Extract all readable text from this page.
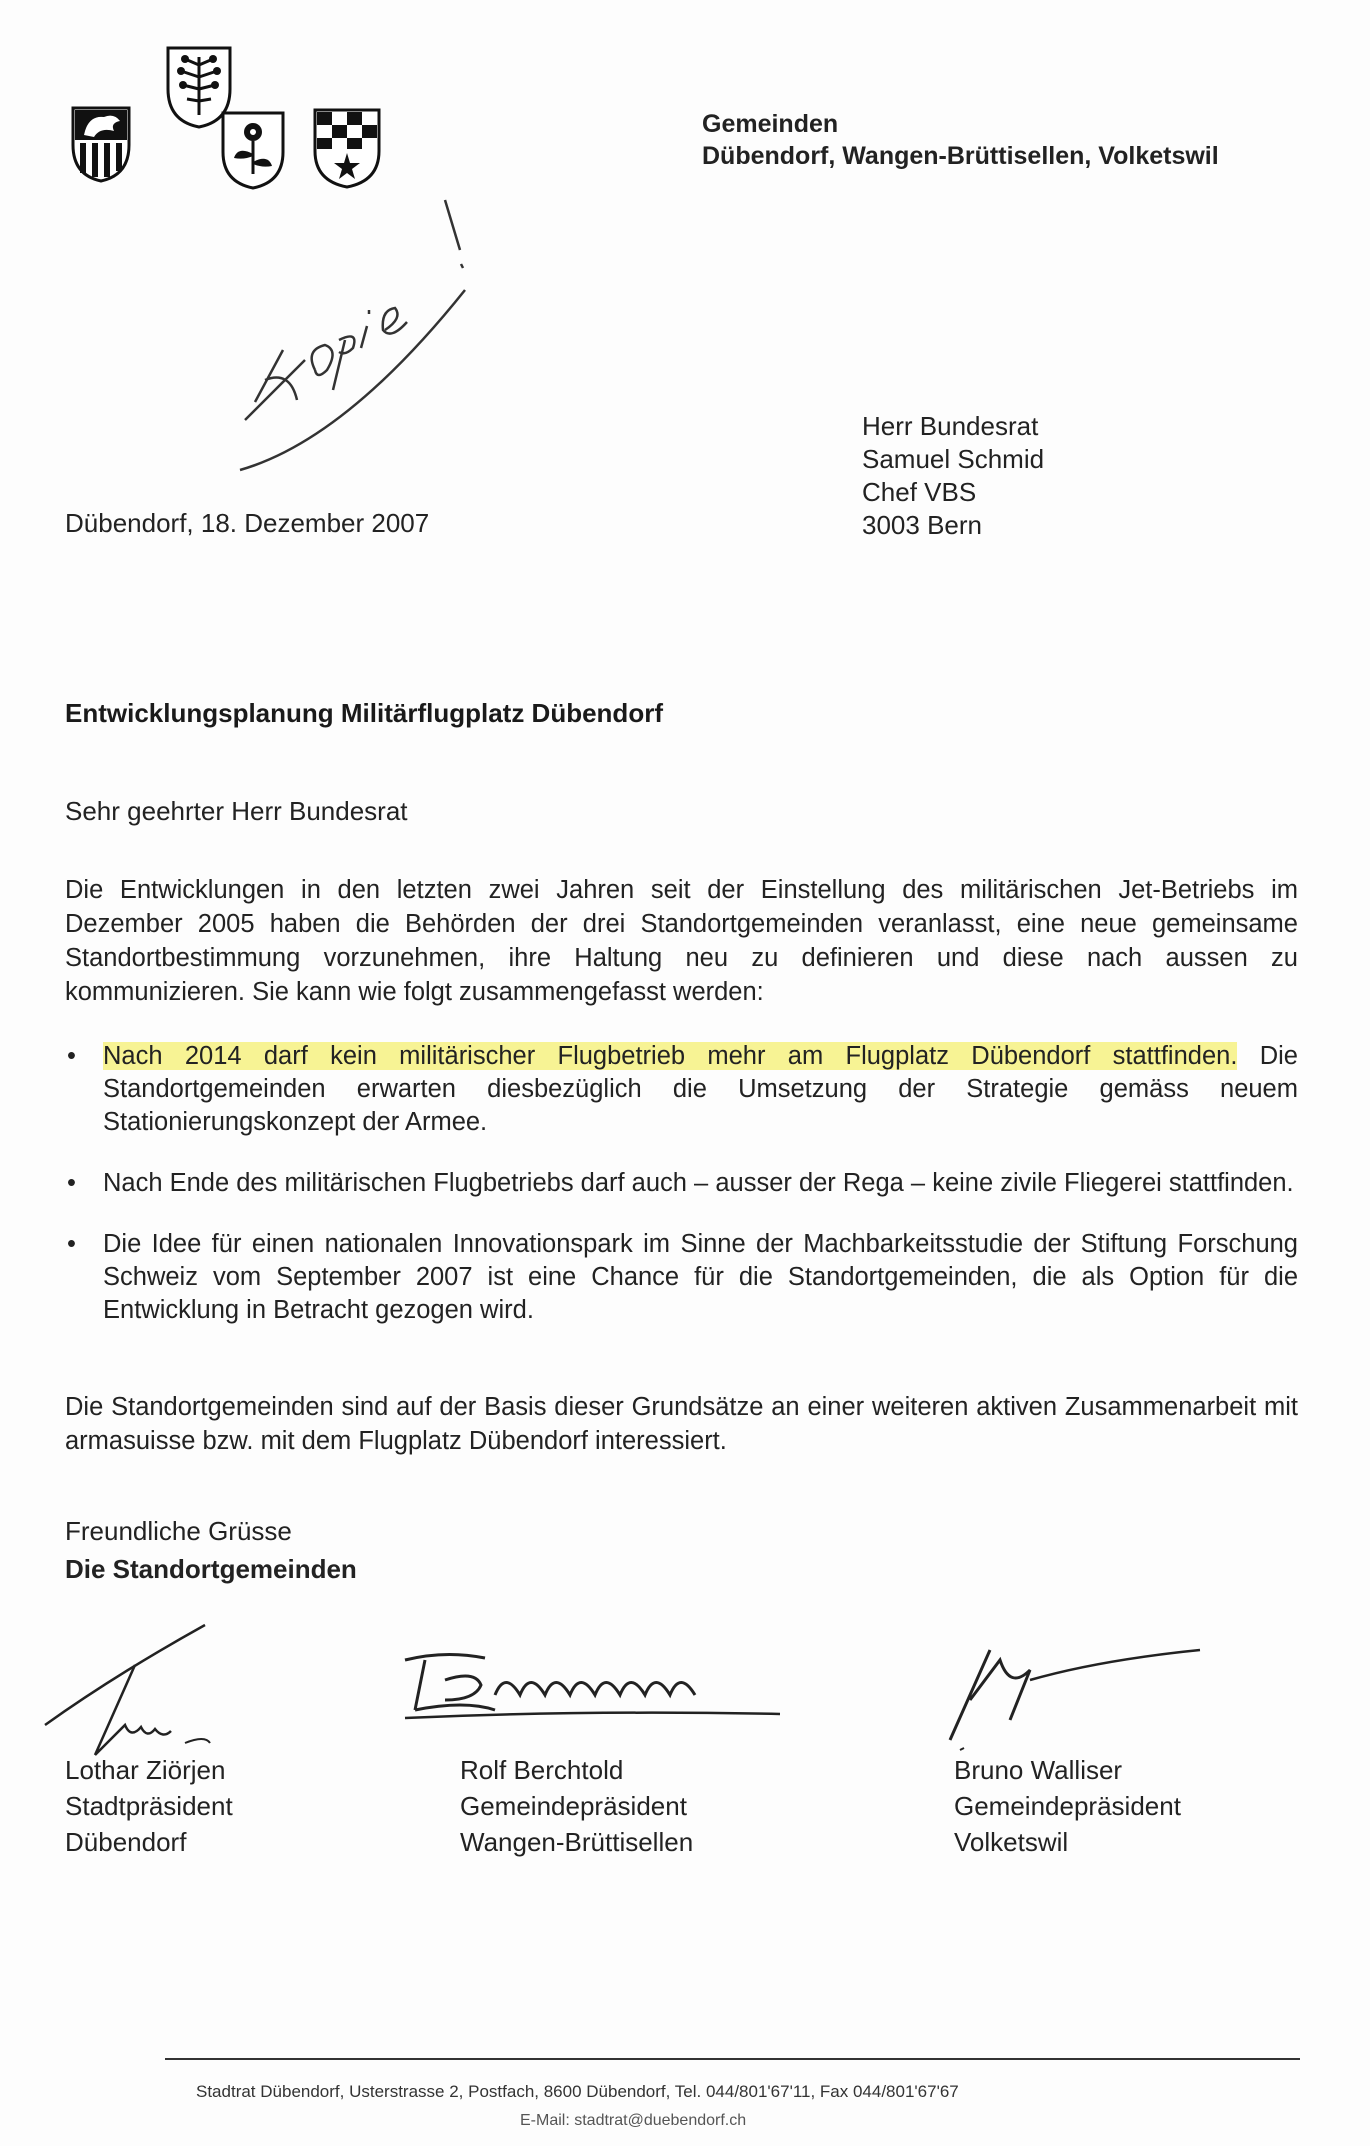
Gemeinden
Dübendorf, Wangen-Brüttisellen, Volketswil
Herr Bundesrat
Samuel Schmid
Chef VBS
3003 Bern
Dübendorf, 18. Dezember 2007
Entwicklungsplanung Militärflugplatz Dübendorf
Sehr geehrter Herr Bundesrat
Die Entwicklungen in den letzten zwei Jahren seit der Einstellung des militärischen Jet-Betriebs im Dezember 2005 haben die Behörden der drei Standortgemeinden veranlasst, eine neue gemeinsame Standortbestimmung vorzunehmen, ihre Haltung neu zu definieren und diese nach aussen zu kommunizieren. Sie kann wie folgt zusammengefasst werden:
• Nach 2014 darf kein militärischer Flugbetrieb mehr am Flugplatz Dübendorf stattfinden. Die Standortgemeinden erwarten diesbezüglich die Umsetzung der Strategie gemäss neuem Stationierungskonzept der Armee.
• Nach Ende des militärischen Flugbetriebs darf auch – ausser der Rega – keine zivile Fliegerei stattfinden.
• Die Idee für einen nationalen Innovationspark im Sinne der Machbarkeitsstudie der Stiftung Forschung Schweiz vom September 2007 ist eine Chance für die Standortgemeinden, die als Option für die Entwicklung in Betracht gezogen wird.
Die Standortgemeinden sind auf der Basis dieser Grundsätze an einer weiteren aktiven Zusammenarbeit mit armasuisse bzw. mit dem Flugplatz Dübendorf interessiert.
Freundliche Grüsse
Die Standortgemeinden
Lothar Ziörjen
Stadtpräsident
Dübendorf
Rolf Berchtold
Gemeindepräsident
Wangen-Brüttisellen
Bruno Walliser
Gemeindepräsident
Volketswil
Stadtrat Dübendorf, Usterstrasse 2, Postfach, 8600 Dübendorf, Tel. 044/801'67'11, Fax 044/801'67'67
E-Mail: stadtrat@duebendorf.ch
